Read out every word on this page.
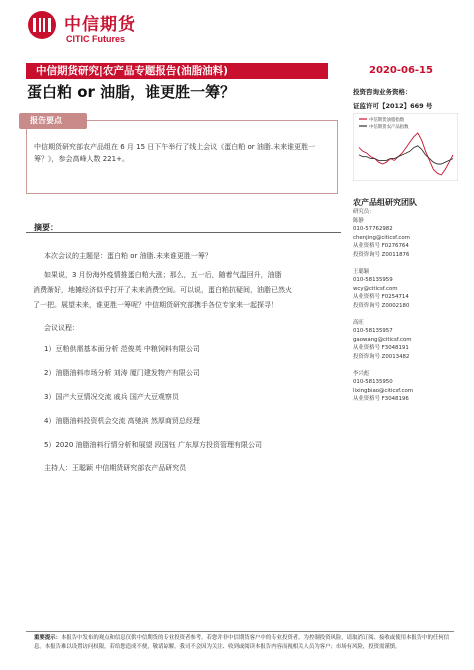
中信期货
CITIC Futures
中信期货研究|农产品专题报告(油脂油料)	2020-06-15
蛋白粕 or 油脂，谁更胜一筹？	投资咨询业务资格：
证监许可【2012】669 号
报告要点
中信期货研究部农产品组在 6 月 15 日下午举行了线上会议《蛋白粕 or 油脂.未来谁更胜一筹？》，参会高峰人数 221+。
中信期货油脂指数
中信期货农产品指数
农产品组研究团队
研究员：
陈静
010-57762982
chenjing@citicsf.com
从业资格号 F0276764
投资咨询号 Z0011876
王聪颖
010-58135959
wcy@citicsf.com
从业资格号 F0254714
投资咨询号 Z0002180
高旺
010-58135957
gaowang@citicsf.com
从业资格号 F3048191
投资咨询号 Z0013482
李兴彪
010-58135950
lixingbiao@citicsf.com
从业资格号 F3048196
摘要：
本次会议的主题是：蛋白粕 or 油脂.未来谁更胜一筹？
如果说，3 月份海外疫情推蛋白粕大涨；那么，五一后，随着气温回升，油脂
消费渐好，地摊经济似乎打开了未来消费空间。可以说，蛋白粕抗疑间，油脂已然火
了一把。展望未来，谁更胜一筹呢？中信期货研究部携手各位专家来一起探寻！
会议议程：
1）豆粕供需基本面分析 范俊英 中粮饲料有限公司
2）油脂油料市场分析 刘涛 厦门建发物产有限公司
3）国产大豆情况交流 戚兵 国产大豆观察员
4）油脂油料投资机会交流 高驰滨 然厚商贸总经理
5）2020 油脂油料行情分析和展望 段国钰 广东厚方投资管理有限公司
主持人：王聪颖 中信期货研究部农产品研究员
重要提示：本报告中发布的观点和信息仅供中信期货的专业投资者参考。若您并非中信期货客户中的专业投资者，为控制投资风险，请取消订阅、接收或使用本报告中的任何信息。本报告难以设置访问权限，若给您造成不便，敬请谅解。我司不会因为关注、收到或阅读本报告内容而视相关人员为客户；市场有风险，投资需谨慎。
